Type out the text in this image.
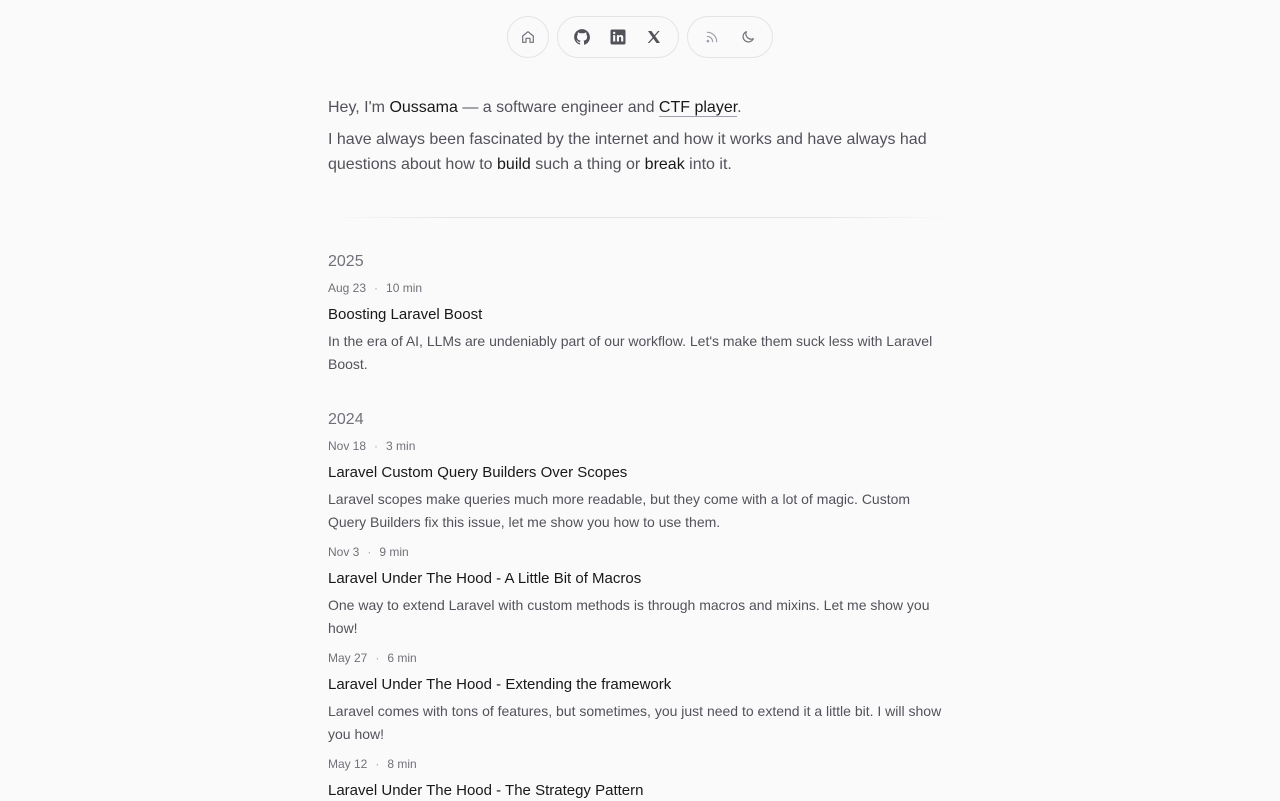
Hey, I'm Oussama — a software engineer and CTF player.

I have always been fascinated by the internet and how it works and have always had questions about how to build such a thing or break into it.

2025
Aug 23 · 10 min
Boosting Laravel Boost
In the era of AI, LLMs are undeniably part of our workflow. Let's make them suck less with Laravel Boost.
2024
Nov 18 · 3 min
Laravel Custom Query Builders Over Scopes
Laravel scopes make queries much more readable, but they come with a lot of magic. Custom Query Builders fix this issue, let me show you how to use them.
Nov 3 · 9 min
Laravel Under The Hood - A Little Bit of Macros
One way to extend Laravel with custom methods is through macros and mixins. Let me show you how!
May 27 · 6 min
Laravel Under The Hood - Extending the framework
Laravel comes with tons of features, but sometimes, you just need to extend it a little bit. I will show you how!
May 12 · 8 min
Laravel Under The Hood - The Strategy Pattern
